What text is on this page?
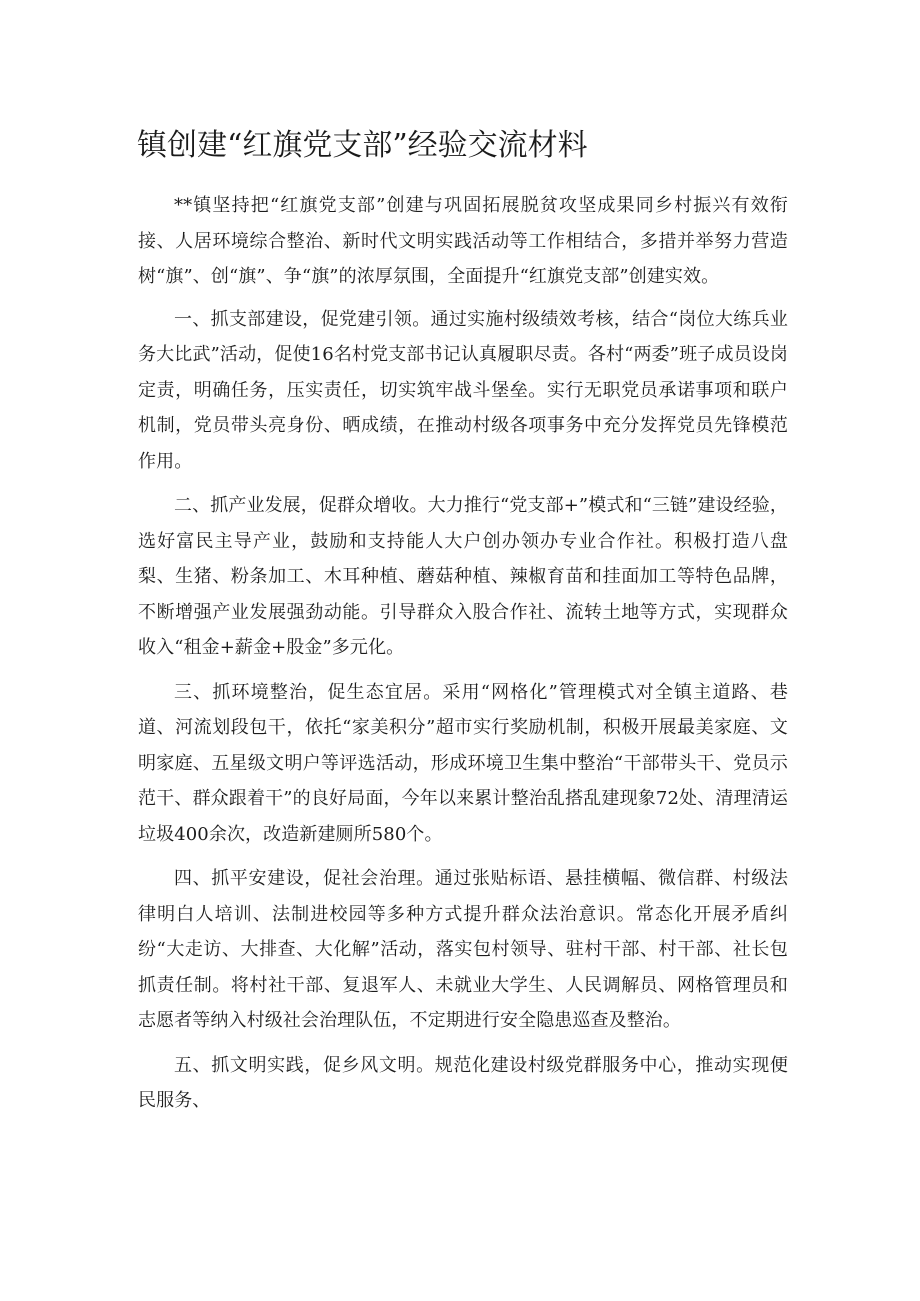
镇创建“红旗党支部”经验交流材料

**镇坚持把“红旗党支部”创建与巩固拓展脱贫攻坚成果同乡村振兴有效衔接、人居环境综合整治、新时代文明实践活动等工作相结合，多措并举努力营造树“旗”、创“旗”、争“旗”的浓厚氛围，全面提升“红旗党支部”创建实效。

一、抓支部建设，促党建引领。通过实施村级绩效考核，结合“岗位大练兵业务大比武”活动，促使16名村党支部书记认真履职尽责。各村“两委”班子成员设岗定责，明确任务，压实责任，切实筑牢战斗堡垒。实行无职党员承诺事项和联户机制，党员带头亮身份、晒成绩，在推动村级各项事务中充分发挥党员先锋模范作用。

二、抓产业发展，促群众增收。大力推行“党支部+”模式和“三链”建设经验，选好富民主导产业，鼓励和支持能人大户创办领办专业合作社。积极打造八盘梨、生猪、粉条加工、木耳种植、蘑菇种植、辣椒育苗和挂面加工等特色品牌，不断增强产业发展强劲动能。引导群众入股合作社、流转土地等方式，实现群众收入“租金+薪金+股金”多元化。

三、抓环境整治，促生态宜居。采用“网格化”管理模式对全镇主道路、巷道、河流划段包干，依托“家美积分”超市实行奖励机制，积极开展最美家庭、文明家庭、五星级文明户等评选活动，形成环境卫生集中整治“干部带头干、党员示范干、群众跟着干”的良好局面，今年以来累计整治乱搭乱建现象72处、清理清运垃圾400余次，改造新建厕所580个。

四、抓平安建设，促社会治理。通过张贴标语、悬挂横幅、微信群、村级法律明白人培训、法制进校园等多种方式提升群众法治意识。常态化开展矛盾纠纷“大走访、大排查、大化解”活动，落实包村领导、驻村干部、村干部、社长包抓责任制。将村社干部、复退军人、未就业大学生、人民调解员、网格管理员和志愿者等纳入村级社会治理队伍，不定期进行安全隐患巡查及整治。

五、抓文明实践，促乡风文明。规范化建设村级党群服务中心，推动实现便民服务、
